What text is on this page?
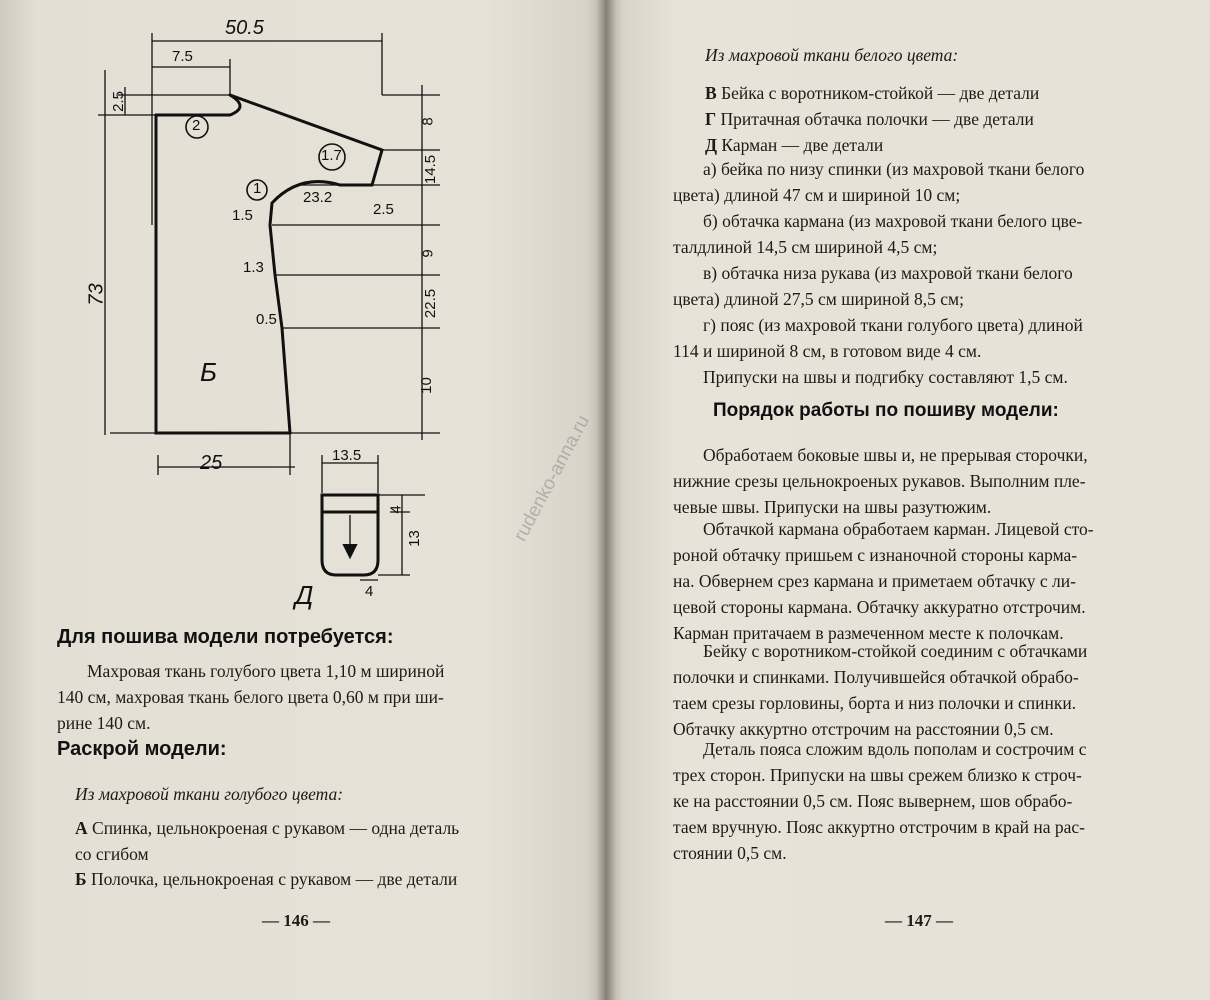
50.5
7.5
2.5
2	8
1.7	14.5
23.2
1
1.5	2.5
9
1.3
22.5
0.5
10
73
25
Б
13.5
4
13
4
Д
Для пошива модели потребуется:
Махровая ткань голубого цвета 1,10 м шириной
140 см, махровая ткань белого цвета 0,60 м при ши-
рине 140 см.
Раскрой модели:
Из махровой ткани голубого цвета:
А Спинка, цельнокроеная с рукавом — одна деталь
со сгибом
Б Полочка, цельнокроеная с рукавом — две детали
— 146 —
rudenko-anna.ru
Из махровой ткани белого цвета:
В Бейка с воротником-стойкой — две детали
Г Притачная обтачка полочки — две детали
Д Карман — две детали
а) бейка по низу спинки (из махровой ткани белого
цвета) длиной 47 см и шириной 10 см;
б) обтачка кармана (из махровой ткани белого цве-
талдлиной 14,5 см шириной 4,5 см;
в) обтачка низа рукава (из махровой ткани белого
цвета) длиной 27,5 см шириной 8,5 см;
г) пояс (из махровой ткани голубого цвета) длиной
114 и шириной 8 см, в готовом виде 4 см.
Припуски на швы и подгибку составляют 1,5 см.
Порядок работы по пошиву модели:
Обработаем боковые швы и, не прерывая сторочки,
нижние срезы цельнокроеных рукавов. Выполним пле-
чевые швы. Припуски на швы разутюжим.
Обтачкой кармана обработаем карман. Лицевой сто-
роной обтачку пришьем с изнаночной стороны карма-
на. Обвернем срез кармана и приметаем обтачку с ли-
цевой стороны кармана. Обтачку аккуратно отстрочим.
Карман притачаем в размеченном месте к полочкам.
Бейку с воротником-стойкой соединим с обтачками
полочки и спинками. Получившейся обтачкой обрабо-
таем срезы горловины, борта и низ полочки и спинки.
Обтачку аккуртно отстрочим на расстоянии 0,5 см.
Деталь пояса сложим вдоль пополам и сострочим с
трех сторон. Припуски на швы срежем близко к строч-
ке на расстоянии 0,5 см. Пояс вывернем, шов обрабо-
таем вручную. Пояс аккуртно отстрочим в край на рас-
стоянии 0,5 см.
— 147 —
